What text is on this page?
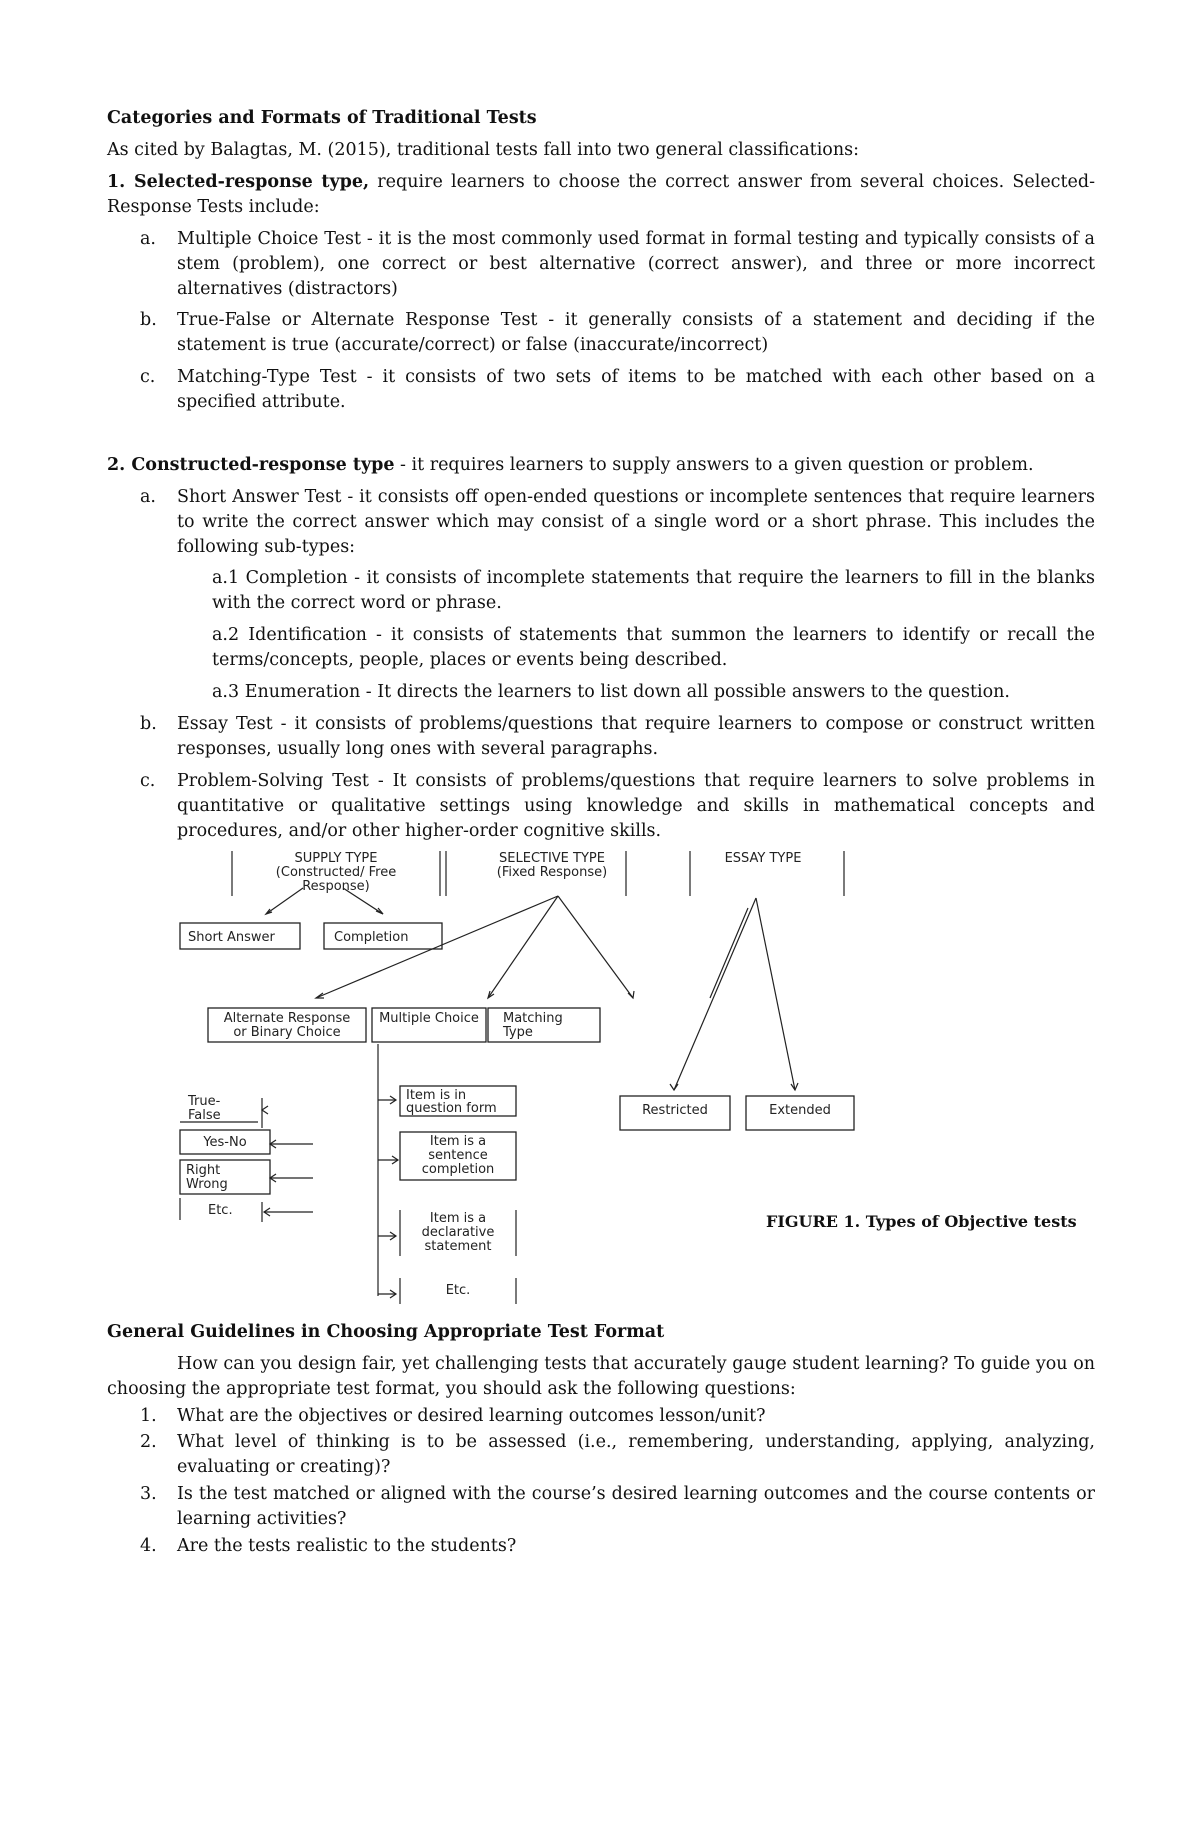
Categories and Formats of Traditional Tests
As cited by Balagtas, M. (2015), traditional tests fall into two general classifications:
1. Selected-response type, require learners to choose the correct answer from several choices. Selected-Response Tests include:
a.	Multiple Choice Test - it is the most commonly used format in formal testing and typically consists of a stem (problem), one correct or best alternative (correct answer), and three or more incorrect alternatives (distractors)
b.	True-False or Alternate Response Test - it generally consists of a statement and deciding if the statement is true (accurate/correct) or false (inaccurate/incorrect)
c.	Matching-Type Test - it consists of two sets of items to be matched with each other based on a specified attribute.
2. Constructed-response type - it requires learners to supply answers to a given question or problem.
a.	Short Answer Test - it consists off open-ended questions or incomplete sentences that require learners to write the correct answer which may consist of a single word or a short phrase. This includes the following sub-types:
a.1 Completion - it consists of incomplete statements that require the learners to fill in the blanks with the correct word or phrase.
a.2 Identification - it consists of statements that summon the learners to identify or recall the terms/concepts, people, places or events being described.
a.3 Enumeration - It directs the learners to list down all possible answers to the question.
b.	Essay Test - it consists of problems/questions that require learners to compose or construct written responses, usually long ones with several paragraphs.
c.	Problem-Solving Test - It consists of problems/questions that require learners to solve problems in quantitative or qualitative settings using knowledge and skills in mathematical concepts and procedures, and/or other higher-order cognitive skills.
SUPPLY TYPE
(Constructed/ Free
Response)
SELECTIVE TYPE
(Fixed Response)
ESSAY TYPE
Short Answer	Completion
Alternate Response
or Binary Choice
Multiple Choice Matching
Type
Restricted	Extended
True-
False
Yes-No
Right
Wrong
Etc.
Item is in
question form
Item is a
sentence
completion
Item is a
declarative
statement
Etc.
FIGURE 1. Types of Objective tests
General Guidelines in Choosing Appropriate Test Format
How can you design fair, yet challenging tests that accurately gauge student learning? To guide you on choosing the appropriate test format, you should ask the following questions:
1.	What are the objectives or desired learning outcomes lesson/unit?
2.	What level of thinking is to be assessed (i.e., remembering, understanding, applying, analyzing, evaluating or creating)?
3.	Is the test matched or aligned with the course’s desired learning outcomes and the course contents or learning activities?
4.	Are the tests realistic to the students?
